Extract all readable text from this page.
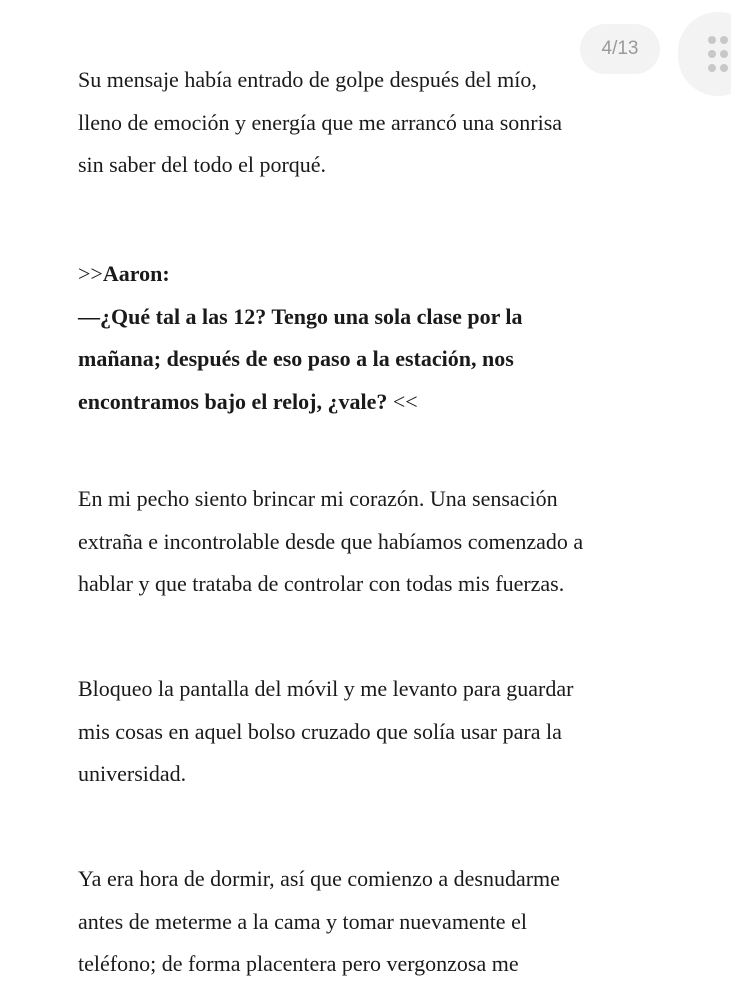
4/13

Su mensaje había entrado de golpe después del mío,
lleno de emoción y energía que me arrancó una sonrisa
sin saber del todo el porqué.

>>Aaron:
—¿Qué tal a las 12? Tengo una sola clase por la
mañana; después de eso paso a la estación, nos
encontramos bajo el reloj, ¿vale? <<

En mi pecho siento brincar mi corazón. Una sensación
extraña e incontrolable desde que habíamos comenzado a
hablar y que trataba de controlar con todas mis fuerzas.

Bloqueo la pantalla del móvil y me levanto para guardar
mis cosas en aquel bolso cruzado que solía usar para la
universidad.

Ya era hora de dormir, así que comienzo a desnudarme
antes de meterme a la cama y tomar nuevamente el
teléfono; de forma placentera pero vergonzosa me
